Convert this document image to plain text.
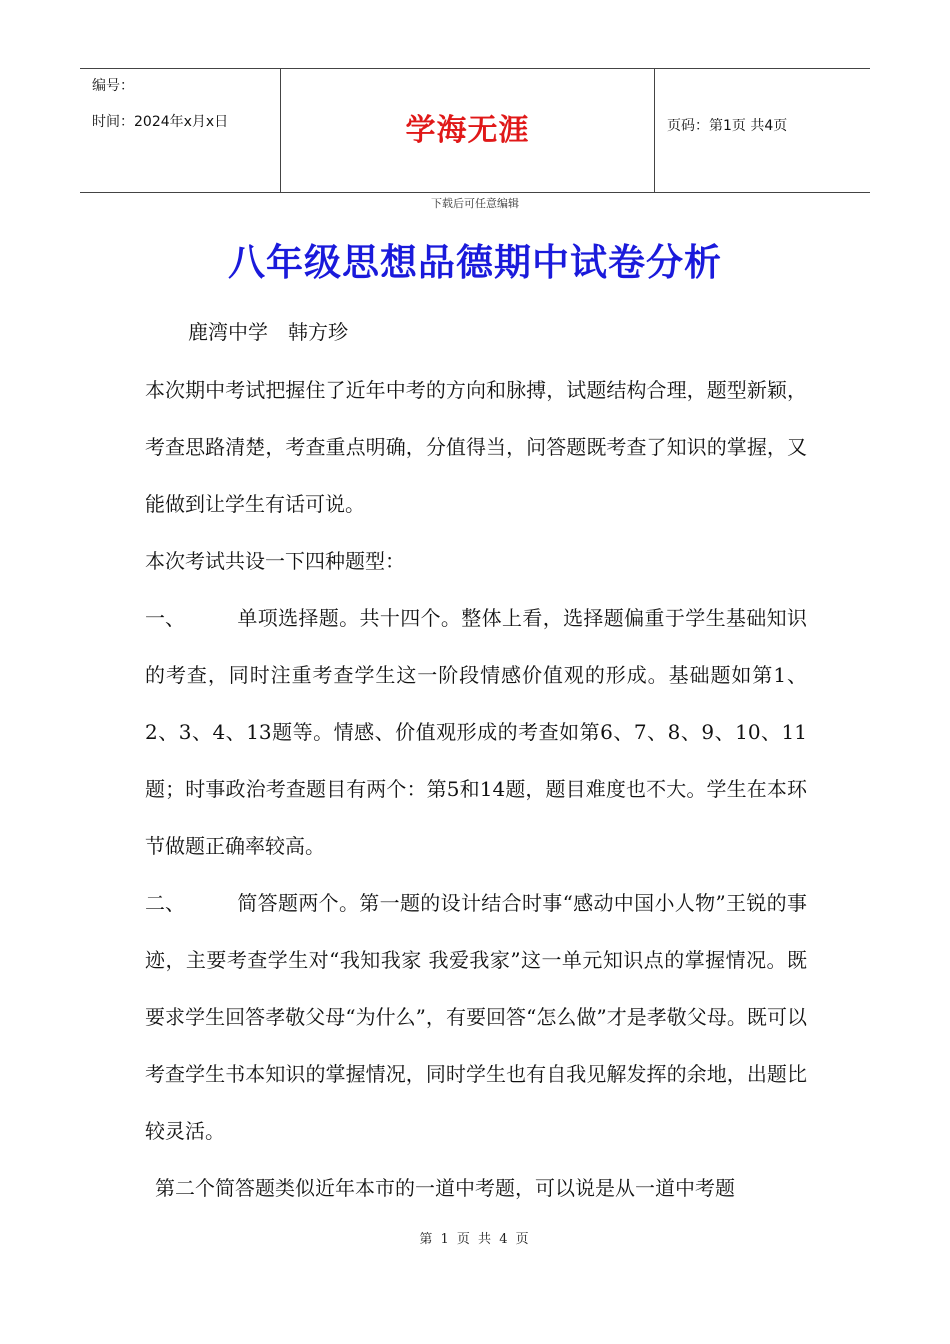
编号：
时间：2024年x月x日	学海无涯	页码：第1页 共4页
下载后可任意编辑
八年级思想品德期中试卷分析
鹿湾中学　韩方珍

本次期中考试把握住了近年中考的方向和脉搏，试题结构合理，题型新颖，考查思路清楚，考查重点明确，分值得当，问答题既考查了知识的掌握，又能做到让学生有话可说。

本次考试共设一下四种题型：

一、	单项选择题。共十四个。整体上看，选择题偏重于学生基础知识的考查，同时注重考查学生这一阶段情感价值观的形成。基础题如第1、2、3、4、13题等。情感、价值观形成的考查如第6、7、8、9、10、11题；时事政治考查题目有两个：第5和14题，题目难度也不大。学生在本环节做题正确率较高。

二、	简答题两个。第一题的设计结合时事“感动中国小人物”王锐的事迹，主要考查学生对“我知我家 我爱我家”这一单元知识点的掌握情况。既要求学生回答孝敬父母“为什么”，有要回答“怎么做”才是孝敬父母。既可以考查学生书本知识的掌握情况，同时学生也有自我见解发挥的余地，出题比较灵活。

第二个简答题类似近年本市的一道中考题，可以说是从一道中考题

第 1 页 共 4 页
